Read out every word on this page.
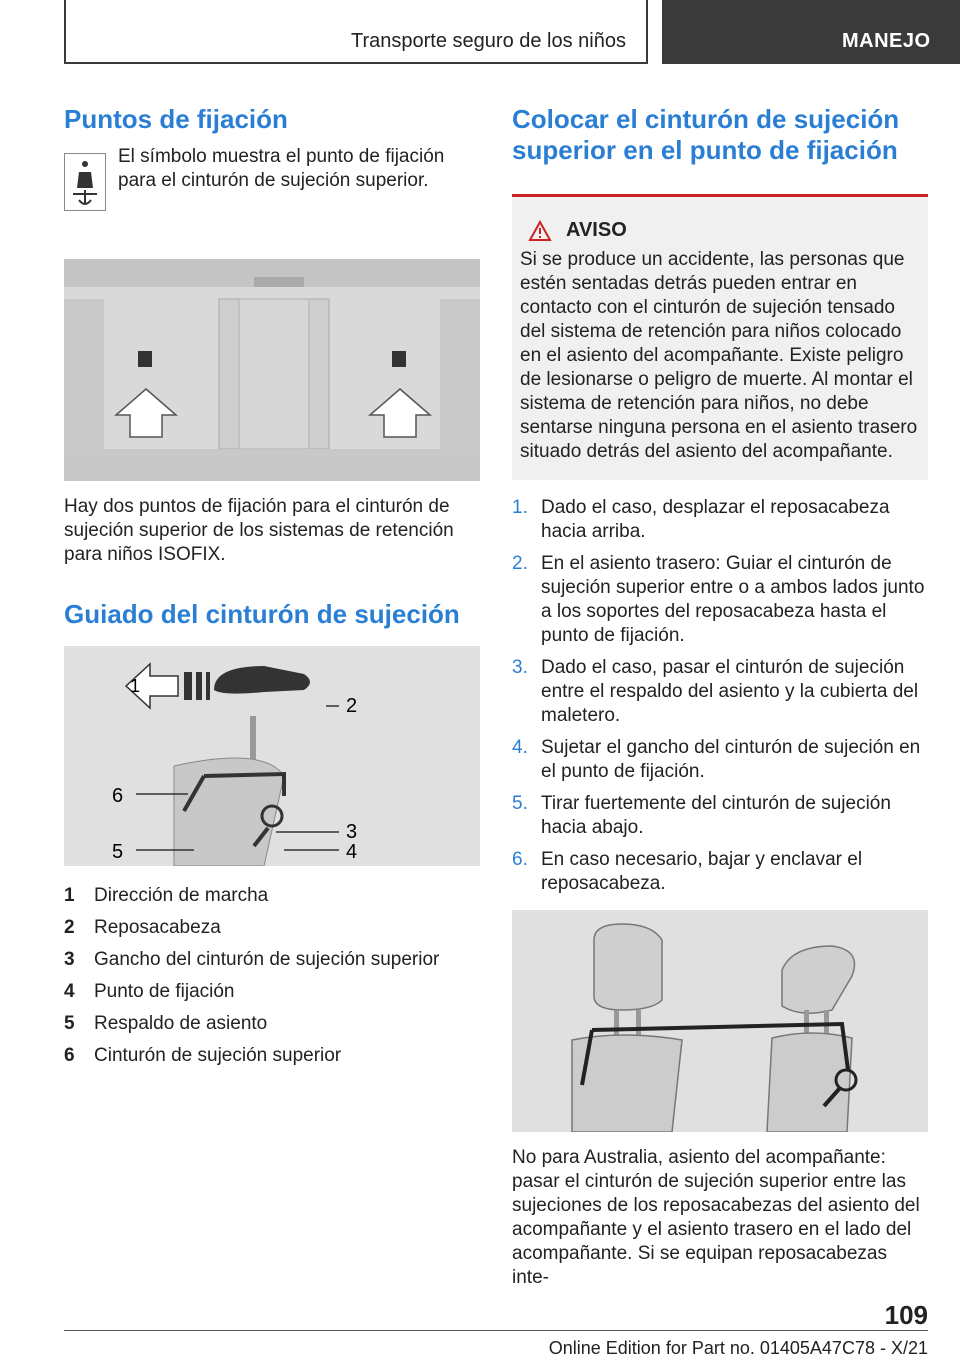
Transporte seguro de los niños	MANEJO
Puntos de fijación

El símbolo muestra el punto de fijación para el cinturón de sujeción superior.

Hay dos puntos de fijación para el cinturón de sujeción superior de los sistemas de retención para niños ISOFIX.

Guiado del cinturón de sujeción
1
2
3
4
5
6
1	Dirección de marcha
2	Reposacabeza
3	Gancho del cinturón de sujeción superior
4	Punto de fijación
5	Respaldo de asiento
6	Cinturón de sujeción superior
Colocar el cinturón de sujeción superior en el punto de fijación
AVISO

Si se produce un accidente, las personas que estén sentadas detrás pueden entrar en contacto con el cinturón de sujeción tensado del sistema de retención para niños colocado en el asiento del acompañante. Existe peligro de lesionarse o peligro de muerte. Al montar el sistema de retención para niños, no debe sentarse ninguna persona en el asiento trasero situado detrás del asiento del acompañante.

1. Dado el caso, desplazar el reposacabeza hacia arriba.
2. En el asiento trasero: Guiar el cinturón de sujeción superior entre o a ambos lados junto a los soportes del reposacabeza hasta el punto de fijación.
3. Dado el caso, pasar el cinturón de sujeción entre el respaldo del asiento y la cubierta del maletero.
4. Sujetar el gancho del cinturón de sujeción en el punto de fijación.
5. Tirar fuertemente del cinturón de sujeción hacia abajo.
6. En caso necesario, bajar y enclavar el reposacabeza.

No para Australia, asiento del acompañante: pasar el cinturón de sujeción superior entre las sujeciones de los reposacabezas del asiento del acompañante y el asiento trasero en el lado del acompañante. Si se equipan reposacabezas inte-

109
Online Edition for Part no. 01405A47C78 - X/21
